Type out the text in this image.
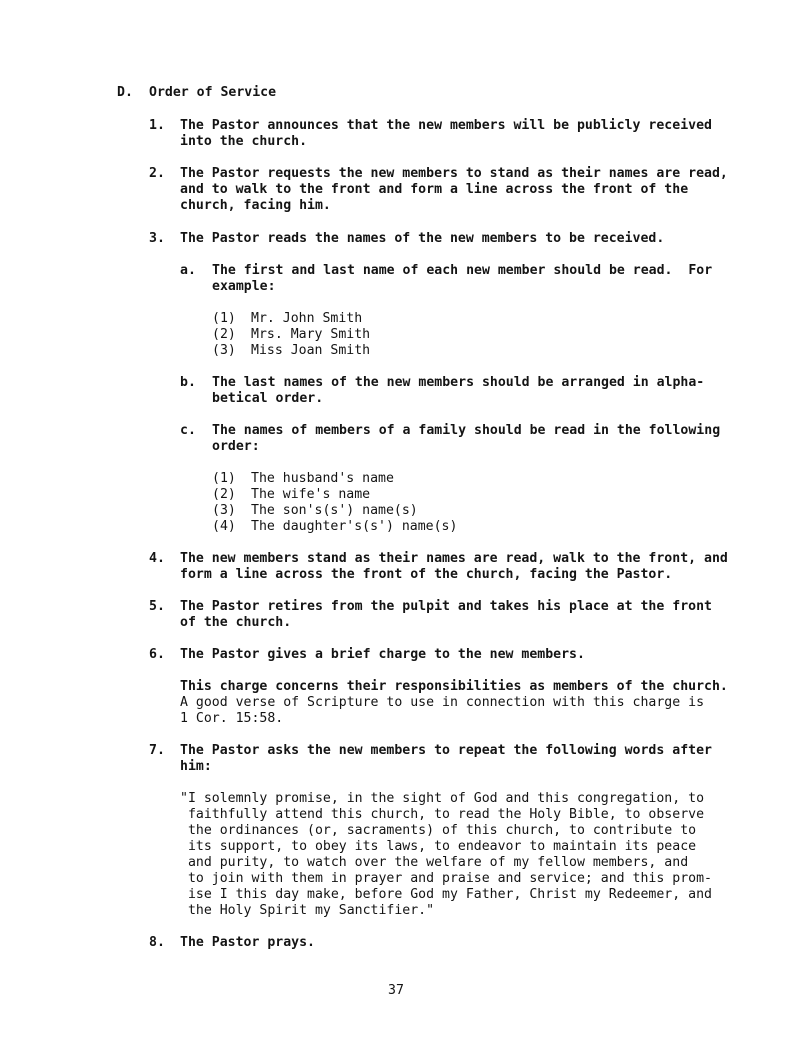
D. Order of Service
1. The Pastor announces that the new members will be publicly received
into the church.
2. The Pastor requests the new members to stand as their names are read,
and to walk to the front and form a line across the front of the
church, facing him.
3. The Pastor reads the names of the new members to be received.
a. The first and last name of each new member should be read.  For
example:
(1) Mr. John Smith
(2) Mrs. Mary Smith
(3) Miss Joan Smith
b. The last names of the new members should be arranged in alpha-
betical order.
c. The names of members of a family should be read in the following
order:
(1) The husband's name
(2) The wife's name
(3) The son's(s') name(s)
(4) The daughter's(s') name(s)
4. The new members stand as their names are read, walk to the front, and
form a line across the front of the church, facing the Pastor.
5. The Pastor retires from the pulpit and takes his place at the front
of the church.
6. The Pastor gives a brief charge to the new members.
This charge concerns their responsibilities as members of the church.
A good verse of Scripture to use in connection with this charge is
1 Cor. 15:58.
7. The Pastor asks the new members to repeat the following words after
him:
"I solemnly promise, in the sight of God and this congregation, to
faithfully attend this church, to read the Holy Bible, to observe
the ordinances (or, sacraments) of this church, to contribute to
its support, to obey its laws, to endeavor to maintain its peace
and purity, to watch over the welfare of my fellow members, and
to join with them in prayer and praise and service; and this prom-
ise I this day make, before God my Father, Christ my Redeemer, and
the Holy Spirit my Sanctifier."
8. The Pastor prays.
37
